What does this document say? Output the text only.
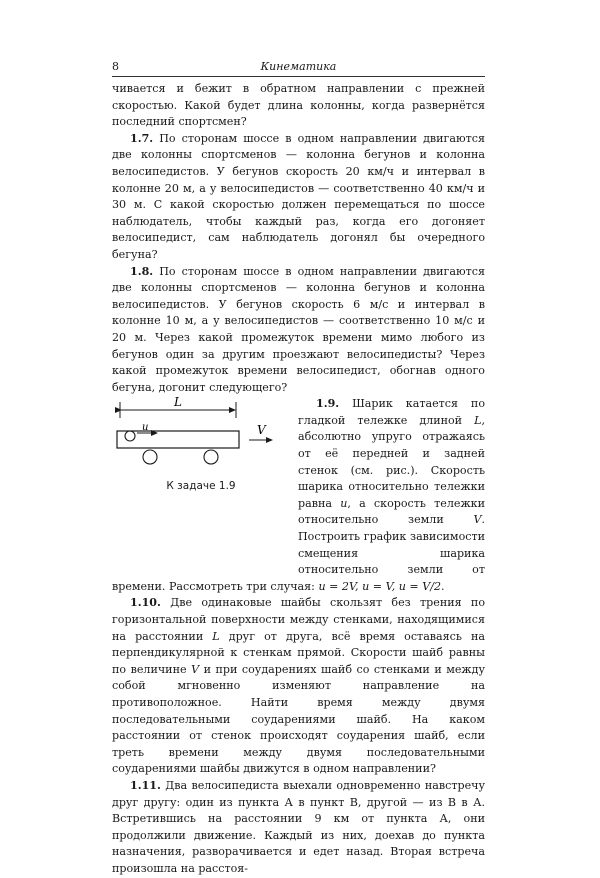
8	Кинематика

чивается и бежит в обратном направлении с прежней скоростью. Какой будет длина колонны, когда развернётся последний спортсмен?

1.7. По сторонам шоссе в одном направлении двигаются две колонны спортсменов — колонна бегунов и колонна велосипедистов. У бегунов скорость 20 км/ч и интервал в колонне 20 м, а у велосипедистов — соответственно 40 км/ч и 30 м. С какой скоростью должен перемещаться по шоссе наблюдатель, чтобы каждый раз, когда его догоняет велосипедист, сам наблюдатель догонял бы очередного бегуна?

1.8. По сторонам шоссе в одном направлении двигаются две колонны спортсменов — колонна бегунов и колонна велосипедистов. У бегунов скорость 6 м/с и интервал в колонне 10 м, а у велосипедистов — соответственно 10 м/с и 20 м. Через какой промежуток времени мимо любого из бегунов один за другим проезжают велосипедисты? Через какой промежуток времени велосипедист, обогнав одного бегуна, догонит следующего?

L
u	V
К задаче 1.9

1.9. Шарик катается по гладкой тележке длиной L, абсолютно упруго отражаясь от её передней и задней стенок (см. рис.). Скорость шарика относительно тележки равна u, а скорость тележки относительно земли V. Построить график зависимости смещения шарика относительно земли от времени. Рассмотреть три случая: u = 2V, u = V, u = V/2.

1.10. Две одинаковые шайбы скользят без трения по горизонтальной поверхности между стенками, находящимися на расстоянии L друг от друга, всё время оставаясь на перпендикулярной к стенкам прямой. Скорости шайб равны по величине V и при соударениях шайб со стенками и между собой мгновенно изменяют направление на противоположное. Найти время между двумя последовательными соударениями шайб. На каком расстоянии от стенок происходят соударения шайб, если треть времени между двумя последовательными соударениями шайбы движутся в одном направлении?

1.11. Два велосипедиста выехали одновременно навстречу друг другу: один из пункта А в пункт В, другой — из В в А. Встретившись на расстоянии 9 км от пункта А, они продолжили движение. Каждый из них, доехав до пункта назначения, разворачивается и едет назад. Вторая встреча произошла на расстоя-
